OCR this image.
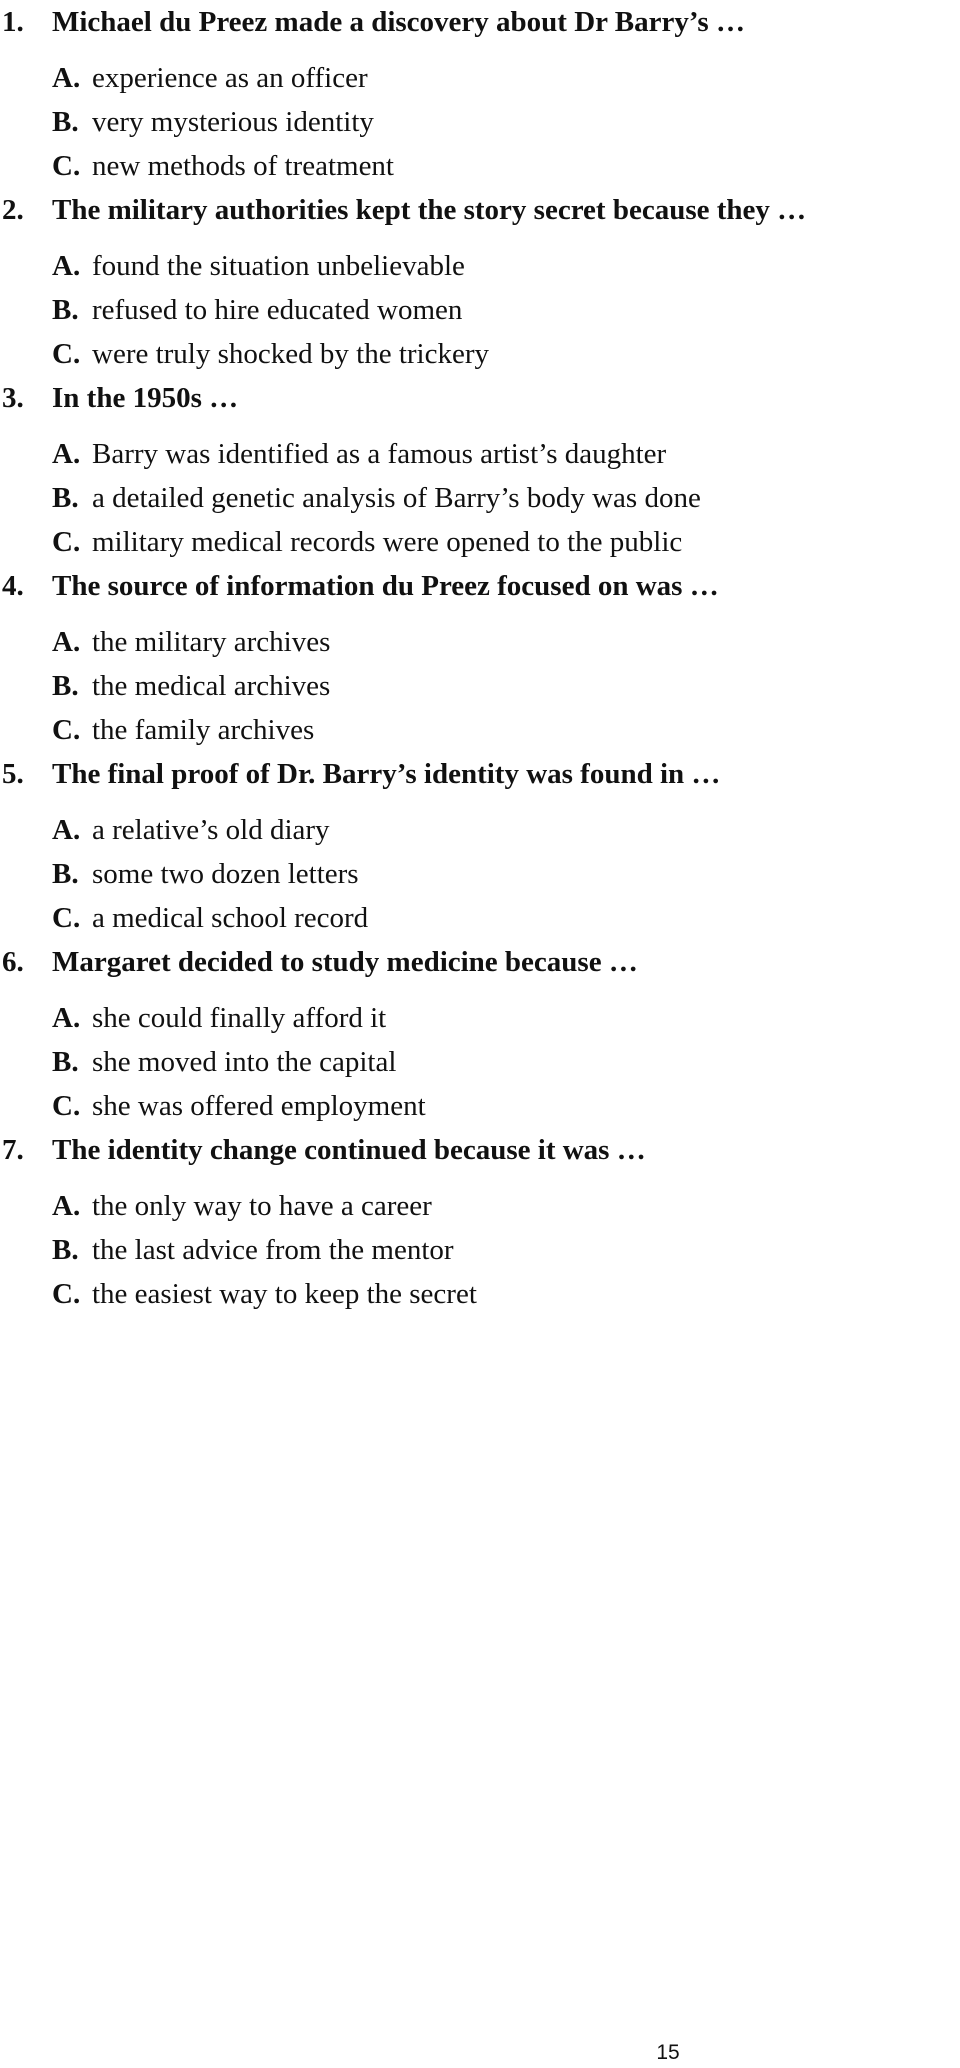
1. Michael du Preez made a discovery about Dr Barry’s …
A. experience as an officer
B. very mysterious identity
C. new methods of treatment
2. The military authorities kept the story secret because they …
A. found the situation unbelievable
B. refused to hire educated women
C. were truly shocked by the trickery
3. In the 1950s …
A. Barry was identified as a famous artist’s daughter
B. a detailed genetic analysis of Barry’s body was done
C. military medical records were opened to the public
4. The source of information du Preez focused on was …
A. the military archives
B. the medical archives
C. the family archives
5. The final proof of Dr. Barry’s identity was found in …
A. a relative’s old diary
B. some two dozen letters
C. a medical school record
6. Margaret decided to study medicine because …
A. she could finally afford it
B. she moved into the capital
C. she was offered employment
7. The identity change continued because it was …
A. the only way to have a career
B. the last advice from the mentor
C. the easiest way to keep the secret
15
